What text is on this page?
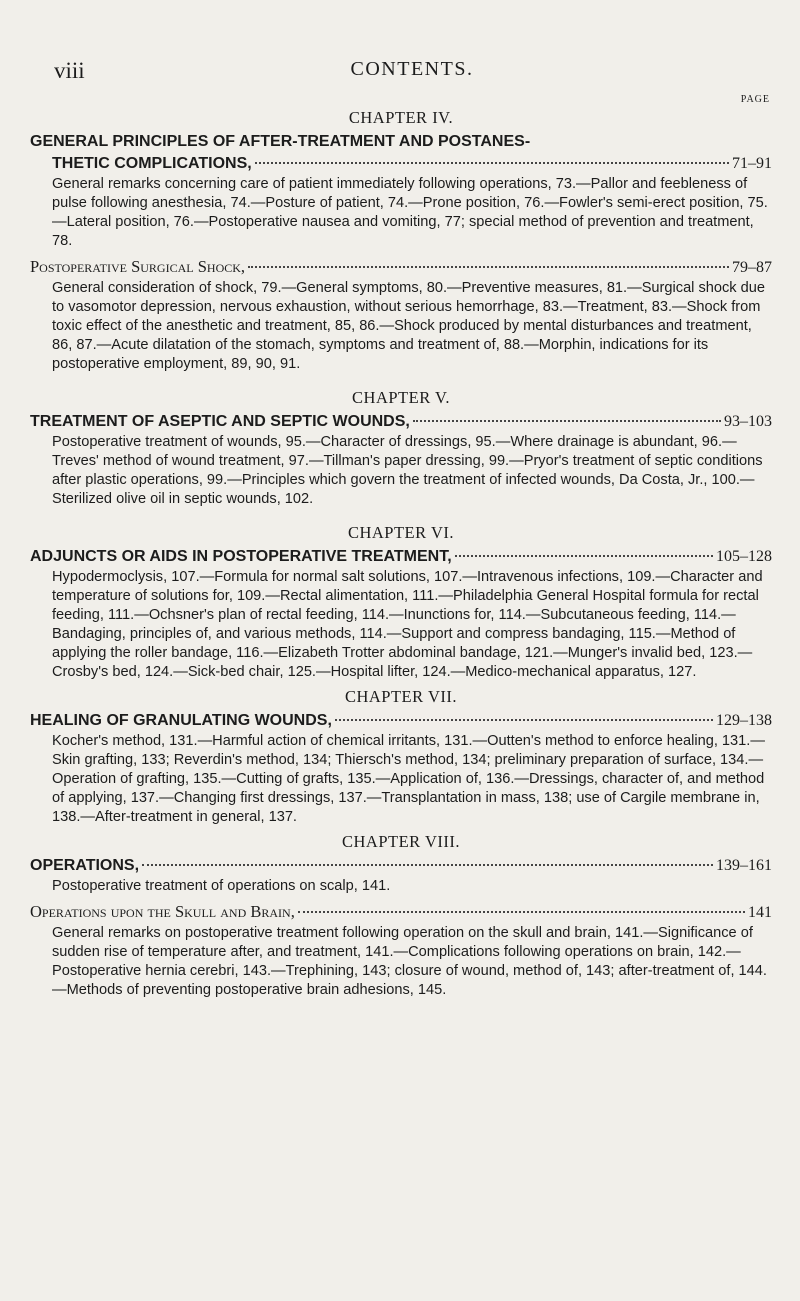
viii	CONTENTS.
PAGE
CHAPTER IV.
GENERAL PRINCIPLES OF AFTER-TREATMENT AND POSTANES-
THETIC COMPLICATIONS,	71–91

General remarks concerning care of patient immediately following operations, 73.—Pallor and feebleness of pulse following anesthesia, 74.—Posture of patient, 74.—Prone position, 76.—Fowler's semi-erect position, 75.—Lateral position, 76.—Postoperative nausea and vomiting, 77; special method of prevention and treatment, 78.

Postoperative Surgical Shock,	79–87

General consideration of shock, 79.—General symptoms, 80.—Preventive measures, 81.—Surgical shock due to vasomotor depression, nervous exhaustion, without serious hemorrhage, 83.—Treatment, 83.—Shock from toxic effect of the anesthetic and treatment, 85, 86.—Shock produced by mental disturbances and treatment, 86, 87.—Acute dilatation of the stomach, symptoms and treatment of, 88.—Morphin, indications for its postoperative employment, 89, 90, 91.

CHAPTER V.
TREATMENT OF ASEPTIC AND SEPTIC WOUNDS,	93–103

Postoperative treatment of wounds, 95.—Character of dressings, 95.—Where drainage is abundant, 96.—Treves' method of wound treatment, 97.—Tillman's paper dressing, 99.—Pryor's treatment of septic conditions after plastic operations, 99.—Principles which govern the treatment of infected wounds, Da Costa, Jr., 100.—Sterilized olive oil in septic wounds, 102.

CHAPTER VI.
ADJUNCTS OR AIDS IN POSTOPERATIVE TREATMENT,	105–128

Hypodermoclysis, 107.—Formula for normal salt solutions, 107.—Intravenous infections, 109.—Character and temperature of solutions for, 109.—Rectal alimentation, 111.—Philadelphia General Hospital formula for rectal feeding, 111.—Ochsner's plan of rectal feeding, 114.—Inunctions for, 114.—Subcutaneous feeding, 114.—Bandaging, principles of, and various methods, 114.—Support and compress bandaging, 115.—Method of applying the roller bandage, 116.—Elizabeth Trotter abdominal bandage, 121.—Munger's invalid bed, 123.—Crosby's bed, 124.—Sick-bed chair, 125.—Hospital lifter, 124.—Medico-mechanical apparatus, 127.

CHAPTER VII.
HEALING OF GRANULATING WOUNDS,	129–138

Kocher's method, 131.—Harmful action of chemical irritants, 131.—Outten's method to enforce healing, 131.—Skin grafting, 133; Reverdin's method, 134; Thiersch's method, 134; preliminary preparation of surface, 134.—Operation of grafting, 135.—Cutting of grafts, 135.—Application of, 136.—Dressings, character of, and method of applying, 137.—Changing first dressings, 137.—Transplantation in mass, 138; use of Cargile membrane in, 138.—After-treatment in general, 137.

CHAPTER VIII.
OPERATIONS,	139–161

Postoperative treatment of operations on scalp, 141.

Operations upon the Skull and Brain,	141

General remarks on postoperative treatment following operation on the skull and brain, 141.—Significance of sudden rise of temperature after, and treatment, 141.—Complications following operations on brain, 142.—Postoperative hernia cerebri, 143.—Trephining, 143; closure of wound, method of, 143; after-treatment of, 144.—Methods of preventing postoperative brain adhesions, 145.
